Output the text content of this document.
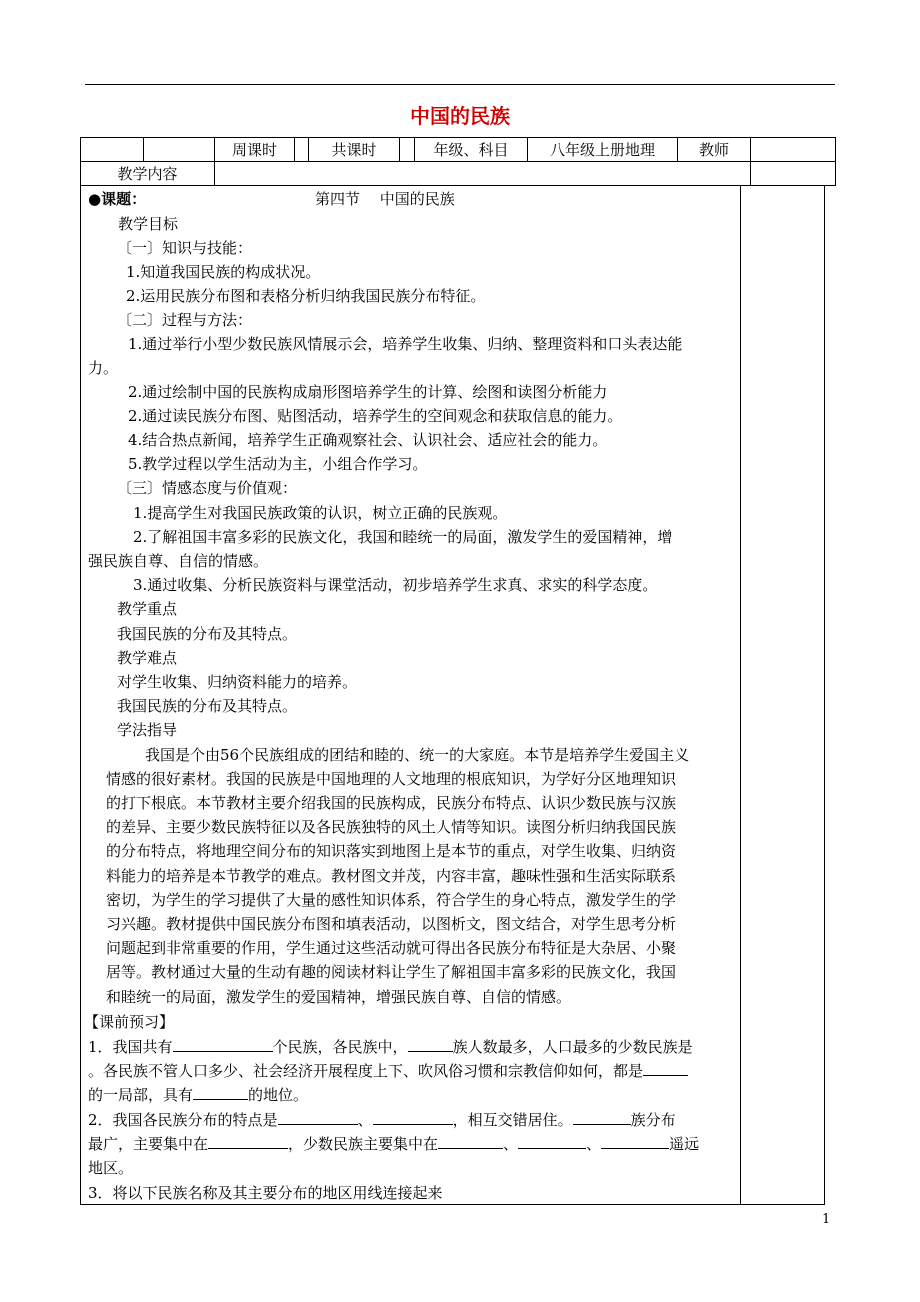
中国的民族
		周课时		共课时		年级、科目	八年级上册地理	教师	
教学内容									
●课题：	第四节　 中国的民族
教学目标
〔一〕知识与技能：
1.知道我国民族的构成状况。
2.运用民族分布图和表格分析归纳我国民族分布特征。
〔二〕过程与方法：
1.通过举行小型少数民族风情展示会，培养学生收集、归纳、整理资料和口头表达能
力。
2.通过绘制中国的民族构成扇形图培养学生的计算、绘图和读图分析能力
2.通过读民族分布图、贴图活动，培养学生的空间观念和获取信息的能力。
4.结合热点新闻，培养学生正确观察社会、认识社会、适应社会的能力。
5.教学过程以学生活动为主，小组合作学习。
〔三〕情感态度与价值观：
1.提高学生对我国民族政策的认识，树立正确的民族观。
2.了解祖国丰富多彩的民族文化，我国和睦统一的局面，激发学生的爱国精神，增
强民族自尊、自信的情感。
3.通过收集、分析民族资料与课堂活动，初步培养学生求真、求实的科学态度。
教学重点
我国民族的分布及其特点。
教学难点
对学生收集、归纳资料能力的培养。
我国民族的分布及其特点。
学法指导
我国是个由56个民族组成的团结和睦的、统一的大家庭。本节是培养学生爱国主义
情感的很好素材。我国的民族是中国地理的人文地理的根底知识，为学好分区地理知识
的打下根底。本节教材主要介绍我国的民族构成，民族分布特点、认识少数民族与汉族
的差异、主要少数民族特征以及各民族独特的风土人情等知识。读图分析归纳我国民族
的分布特点，将地理空间分布的知识落实到地图上是本节的重点，对学生收集、归纳资
料能力的培养是本节教学的难点。教材图文并茂，内容丰富，趣味性强和生活实际联系
密切，为学生的学习提供了大量的感性知识体系，符合学生的身心特点，激发学生的学
习兴趣。教材提供中国民族分布图和填表活动，以图析文，图文结合，对学生思考分析
问题起到非常重要的作用，学生通过这些活动就可得出各民族分布特征是大杂居、小聚
居等。教材通过大量的生动有趣的阅读材料让学生了解祖国丰富多彩的民族文化，我国
和睦统一的局面，激发学生的爱国精神，增强民族自尊、自信的情感。
【课前预习】
1．我国共有	个民族，各民族中，	族人数最多，人口最多的少数民族是
。各民族不管人口多少、社会经济开展程度上下、吹风俗习惯和宗教信仰如何，都是
的一局部，具有	的地位。
2．我国各民族分布的特点是	、	，相互交错居住。	族分布
最广，主要集中在	，少数民族主要集中在	、	、	遥远
地区。
3．将以下民族名称及其主要分布的地区用线连接起来
1
